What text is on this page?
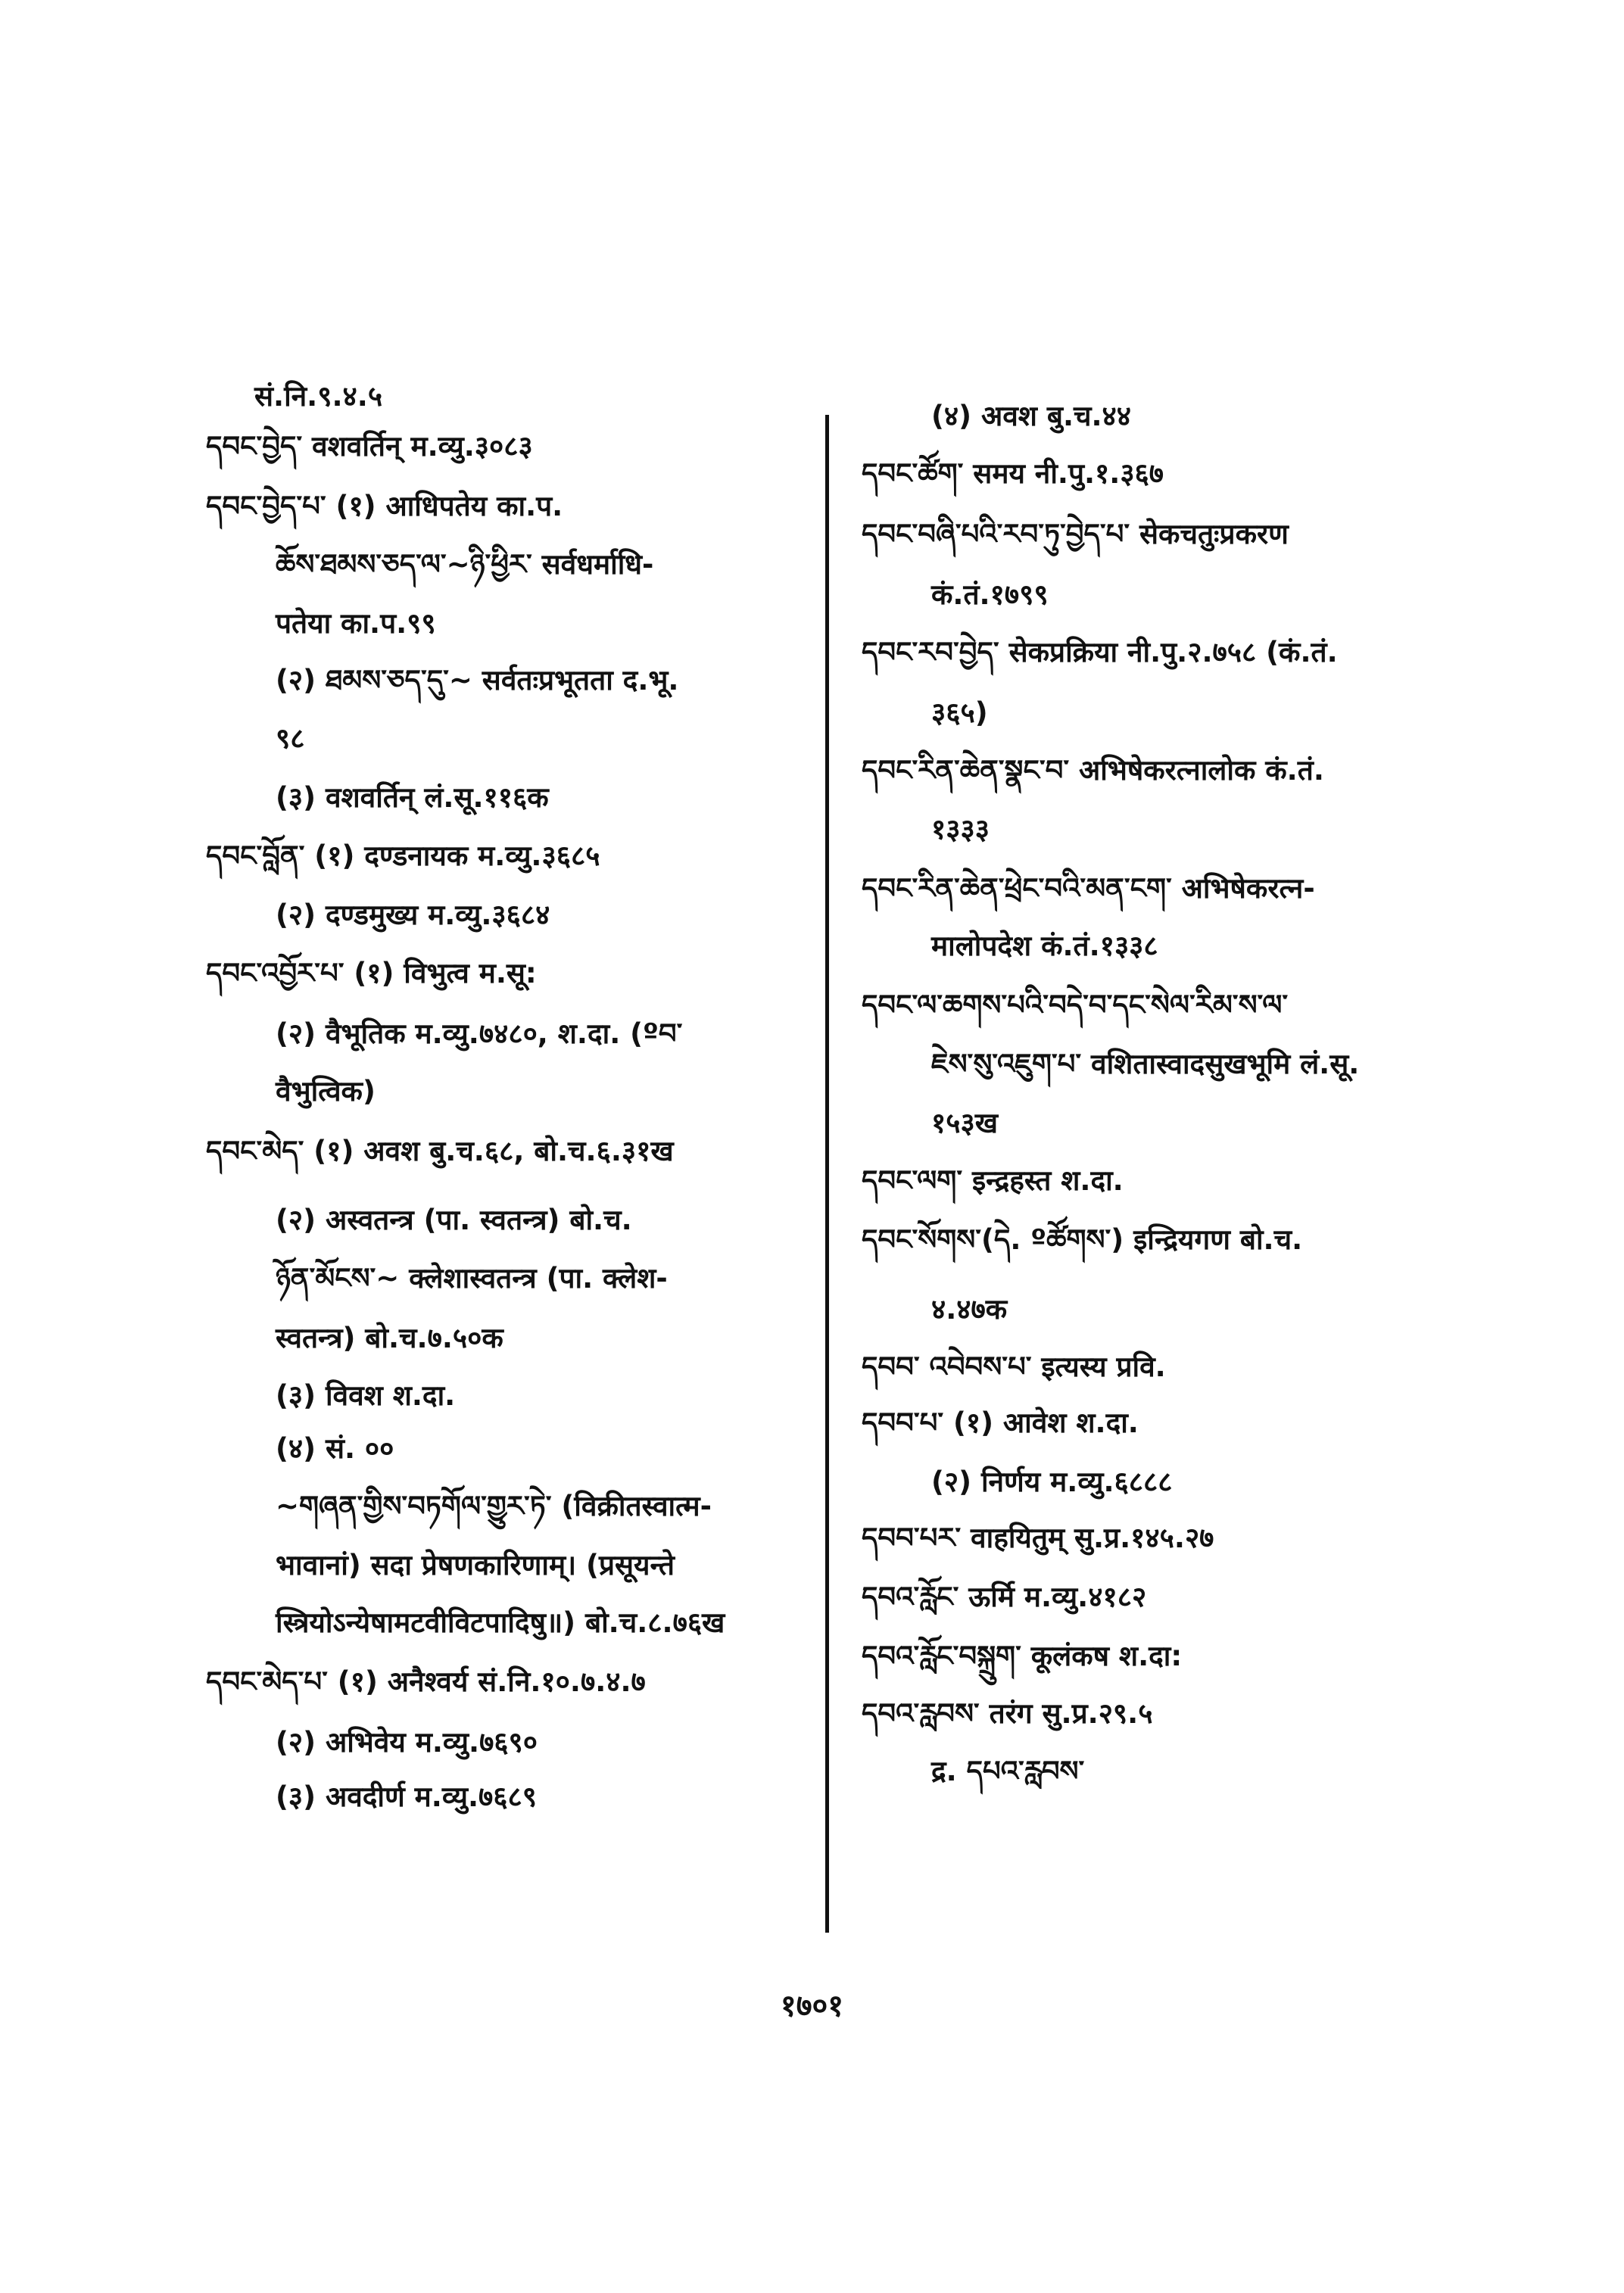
सं.नि.९.४.५
དབང་བྱེད་ वशवर्तिन् म.व्यु.३०८३
དབང་བྱེད་པ་ (१) आधिपतेय का.प.
ཆོས་ཐམས་ཅད་ལ་~ཉི་ཕྱིར་ सर्वधर्माधि-
पतेया का.प.९९
(२) ཐམས་ཅད་དུ་~ सर्वतःप्रभूतता द.भू.
९८
(३) वशवर्तिन् लं.सू.११६क
དབང་བློན་ (१) दण्डनायक म.व्यु.३६८५
(२) दण्डमुख्य म.व्यु.३६८४
དབང་འབྱོར་པ་ (१) विभुत्व म.सू:
(२) वैभूतिक म.व्यु.७४८०, श.दा. (ºབ་
वैभुत्विक)
དབང་མེད་ (१) अवश बु.च.६८, बो.च.६.३१ख
(२) अस्वतन्त्र (पा. स्वतन्त्र) बो.च.
ཉོན་མོངས་~ क्लेशास्वतन्त्र (पा. क्लेश-
स्वतन्त्र) बो.च.७.५०क
(३) विवश श.दा.
(४) सं. ००
~གཞན་གྱིས་བཏགོལ་གྱུར་ཏེ་ (विक्रीतस्वात्म-
भावानां) सदा प्रेषणकारिणाम्। (प्रसूयन्ते
स्त्रियोऽन्येषामटवीविटपादिषु॥) बो.च.८.७६ख
དབང་མེད་པ་ (१) अनैश्वर्य सं.नि.१०.७.४.७
(२) अभिवेय म.व्यु.७६९०
(३) अवदीर्ण म.व्यु.७६८९
(४) अवश बु.च.४४
དབང་ཚོག་ समय नी.पु.१.३६७
དབང་བཞི་པའི་རབ་ཏུ་བྱེད་པ་ सेकचतुःप्रकरण
कं.तं.१७९९
དབང་རབ་བྱེད་ सेकप्रक्रिया नी.पु.२.७५८ (कं.तं.
३६५)
དབང་རིན་ཆེན་སྣང་བ་ अभिषेकरत्नालोक कं.तं.
१३३३
དབང་རིན་ཆེན་ཕྲེང་བའི་མན་ངག་ अभिषेकरत्न-
मालोपदेश कं.तं.१३३८
དབང་ལ་ཆགས་པའི་བདེ་བ་དང་སེལ་རིམ་ས་ལ་
ཇེས་སུ་འཇུག་པ་ वशितास्वादसुखभूमि लं.सू.
१५३ख
དབང་ལག་ इन्द्रहस्त श.दा.
དབང་སོགས་(དེ. ºཚོགས་) इन्द्रियगण बो.च.
४.४७क
དབབ་ འབེབས་པ་ इत्यस्य प्रवि.
དབབ་པ་ (१) आवेश श.दा.
(२) निर्णय म.व्यु.६८८८
དབབ་པར་ वाहयितुम् सु.प्र.१४५.२७
དབའ་རློང་ ऊर्मि म.व्यु.४१८२
དབའ་རློང་བསྐྲུག་ कूलंकष श.दा:
དབའ་རླབས་ तरंग सु.प्र.२९.५
द्र. དཔའ་རླབས་
१७०१
